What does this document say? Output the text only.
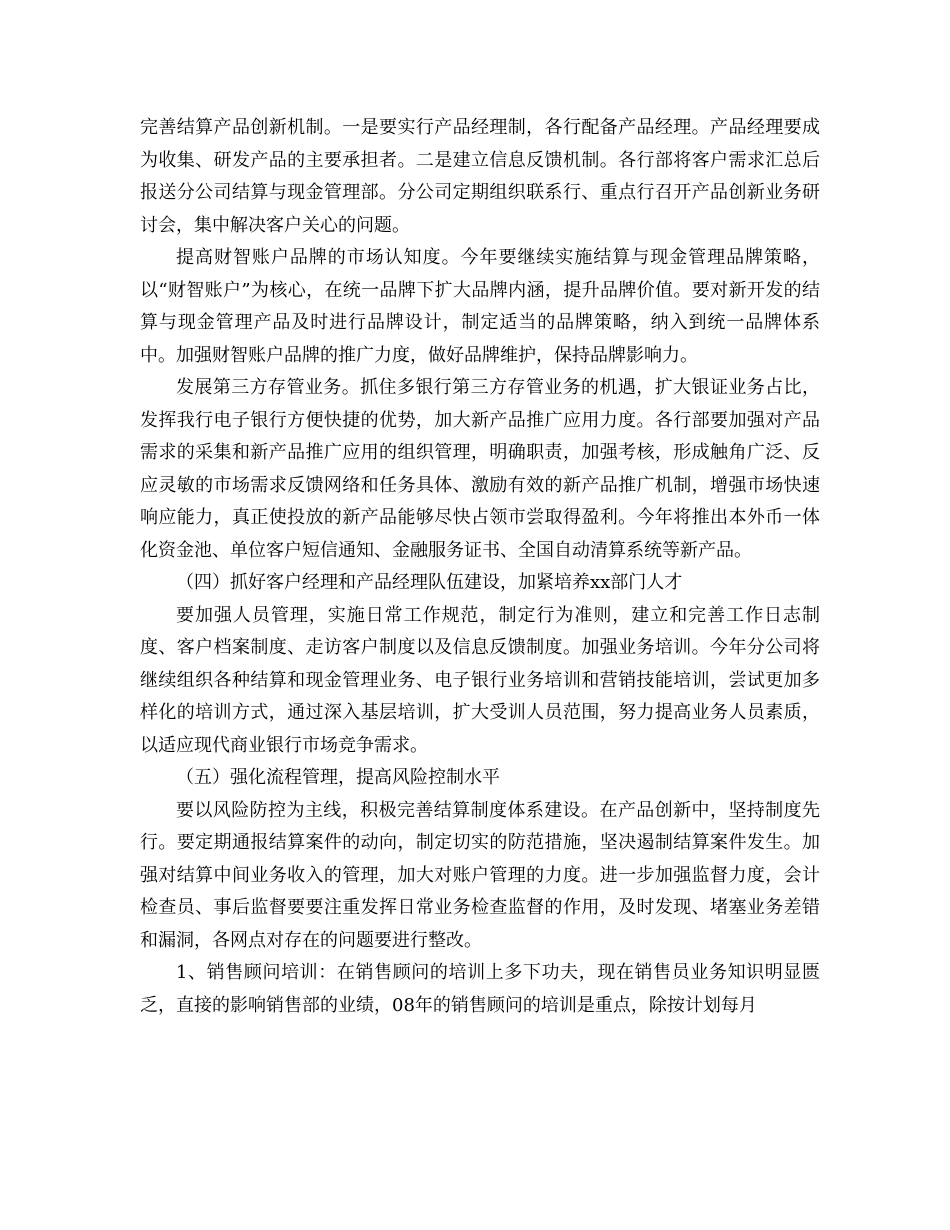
完善结算产品创新机制。一是要实行产品经理制，各行配备产品经理。产品经理要成为收集、研发产品的主要承担者。二是建立信息反馈机制。各行部将客户需求汇总后报送分公司结算与现金管理部。分公司定期组织联系行、重点行召开产品创新业务研讨会，集中解决客户关心的问题。

提高财智账户品牌的市场认知度。今年要继续实施结算与现金管理品牌策略，以“财智账户”为核心，在统一品牌下扩大品牌内涵，提升品牌价值。要对新开发的结算与现金管理产品及时进行品牌设计，制定适当的品牌策略，纳入到统一品牌体系中。加强财智账户品牌的推广力度，做好品牌维护，保持品牌影响力。

发展第三方存管业务。抓住多银行第三方存管业务的机遇，扩大银证业务占比，发挥我行电子银行方便快捷的优势，加大新产品推广应用力度。各行部要加强对产品需求的采集和新产品推广应用的组织管理，明确职责，加强考核，形成触角广泛、反应灵敏的市场需求反馈网络和任务具体、激励有效的新产品推广机制，增强市场快速响应能力，真正使投放的新产品能够尽快占领市尝取得盈利。今年将推出本外币一体化资金池、单位客户短信通知、金融服务证书、全国自动清算系统等新产品。

（四）抓好客户经理和产品经理队伍建设，加紧培养xx部门人才

要加强人员管理，实施日常工作规范，制定行为准则，建立和完善工作日志制度、客户档案制度、走访客户制度以及信息反馈制度。加强业务培训。今年分公司将继续组织各种结算和现金管理业务、电子银行业务培训和营销技能培训，尝试更加多样化的培训方式，通过深入基层培训，扩大受训人员范围，努力提高业务人员素质，以适应现代商业银行市场竞争需求。

（五）强化流程管理，提高风险控制水平

要以风险防控为主线，积极完善结算制度体系建设。在产品创新中，坚持制度先行。要定期通报结算案件的动向，制定切实的防范措施，坚决遏制结算案件发生。加强对结算中间业务收入的管理，加大对账户管理的力度。进一步加强监督力度，会计检查员、事后监督要要注重发挥日常业务检查监督的作用，及时发现、堵塞业务差错和漏洞，各网点对存在的问题要进行整改。

1、销售顾问培训：在销售顾问的培训上多下功夫，现在销售员业务知识明显匮乏，直接的影响销售部的业绩，08年的销售顾问的培训是重点，除按计划每月
